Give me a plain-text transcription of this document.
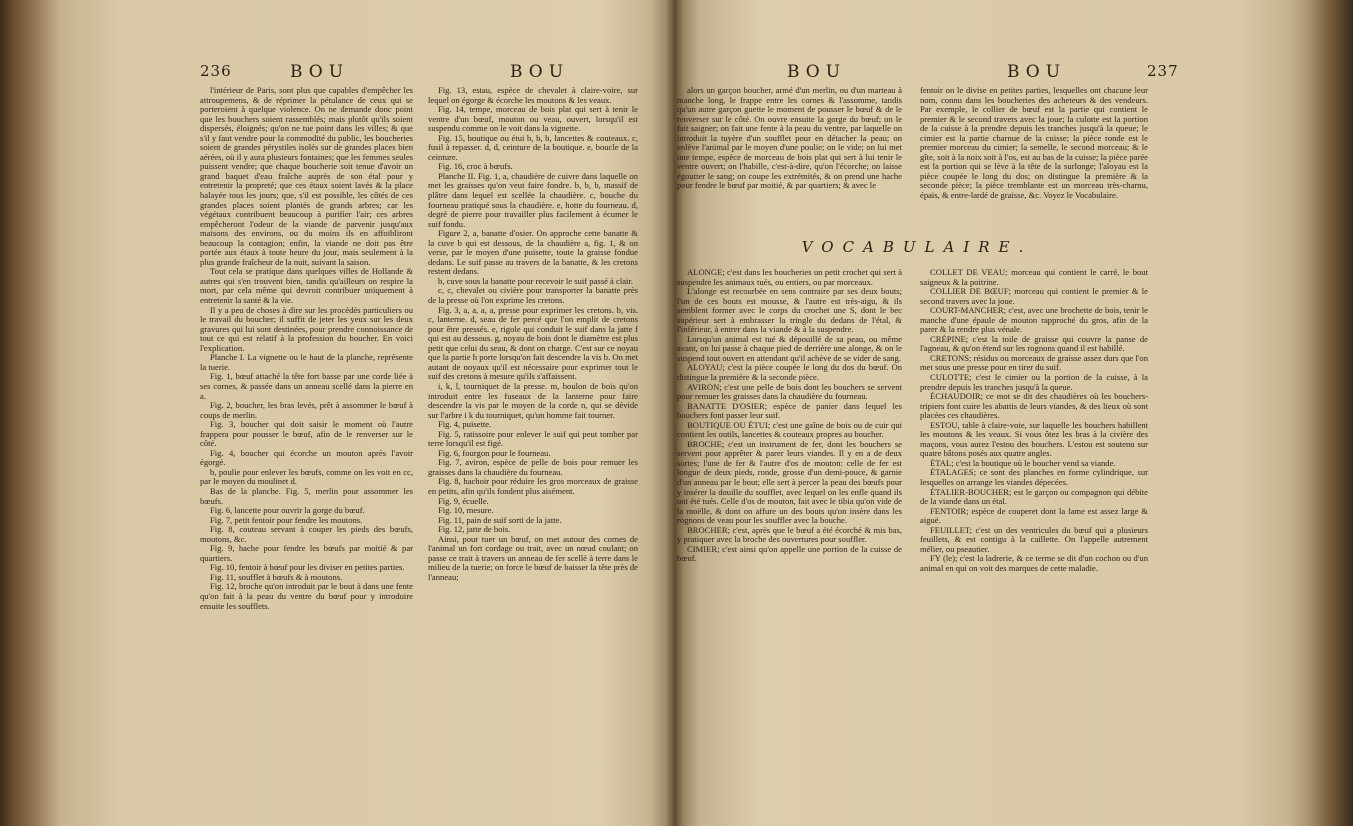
236	BOU	BOU

l'intérieur de Paris, sont plus que capables d'empêcher les attroupemens, & de réprimer la pétulance de ceux qui se porteroient à quelque violence. On ne demande donc point que les bouchers soient rassemblés; mais plutôt qu'ils soient dispersés, éloignés; qu'on ne tue point dans les villes; & que s'il y faut vendre pour la commodité du public, les boucheries soient de grandes pérystiles isolés sur de grandes places bien aérées, où il y aura plusieurs fontaines; que les femmes seules puissent vendre; que chaque boucherie soit tenue d'avoir un grand baquet d'eau fraîche auprès de son étal pour y entretenir la propreté; que ces étaux soient lavés & la place balayée tous les jours; que, s'il est possible, les côtés de ces grandes places soient plantés de grands arbres; car les végétaux contribuent beaucoup à purifier l'air; ces arbres empêcheront l'odeur de la viande de parvenir jusqu'aux maisons des environs, ou du moins ils en affoibliront beaucoup la contagion; enfin, la viande ne doit pas être portée aux étaux à toute heure du jour, mais seulement à la plus grande fraîcheur de la nuit, suivant la saison.

Tout cela se pratique dans quelques villes de Hollande & autres qui s'en trouvent bien, tandis qu'ailleurs on respire la mort, par cela même qui devroit contribuer uniquement à entretenir la santé & la vie.

Il y a peu de choses à dire sur les procédés particuliers ou le travail du boucher; il suffit de jeter les yeux sur les deux gravures qui lui sont destinées, pour prendre connoissance de tout ce qui est relatif à la profession du boucher. En voici l'explication.

Planche I. La vignette ou le haut de la planche, représente la tuerie.

Fig. 1, bœuf attaché la tête fort basse par une corde liée à ses cornes, & passée dans un anneau scellé dans la pierre en a.

Fig. 2, boucher, les bras levés, prêt à assommer le bœuf à coups de merlin.

Fig. 3, boucher qui doit saisir le moment où l'autre frappera pour pousser le bœuf, afin de le renverser sur le côté.

Fig. 4, boucher qui écorche un mouton après l'avoir égorgé.

b, poulie pour enlever les bœufs, comme on les voit en cc, par le moyen du moulinet d.

Bas de la planche. Fig. 5, merlin pour assommer les bœufs.

Fig. 6, lancette pour ouvrir la gorge du bœuf.

Fig. 7, petit fentoir pour fendre les moutons.

Fig. 8, couteau servant à couper les pieds des bœufs, moutons, &c.

Fig. 9, hache pour fendre les bœufs par moitié & par quartiers.

Fig. 10, fentoir à bœuf pour les diviser en petites parties.

Fig. 11, soufflet à bœufs & à moutons.

Fig. 12, broche qu'on introduit par le bout à dans une fente qu'on fait à la peau du ventre du bœuf pour y introduire ensuite les soufflets.

Fig. 13, estau, espèce de chevalet à claire-voire, sur lequel on égorge & écorche les moutons & les veaux.

Fig. 14, tempe, morceau de bois plat qui sert à tenir le ventre d'un bœuf, mouton ou veau, ouvert, lorsqu'il est suspendu comme on le voit dans la vignette.

Fig. 15, boutique ou étui b, b, b, lancettes & couteaux. c, fusil à repasser. d, d, ceinture de la boutique. e, boucle de la ceinture.

Fig. 16, croc à bœufs.

Planche II. Fig. 1, a, chaudière de cuivre dans laquelle on met les graisses qu'on veut faire fondre. b, b, b, massif de plâtre dans lequel est scellée la chaudière. c, bouche du fourneau pratiqué sous la chaudière. e, hotte du fourneau. d, degré de pierre pour travailler plus facilement à écumer le suif fondu.

Figure 2, a, banatte d'osier. On approche cette banatte & la cuve b qui est dessous, de la chaudière a, fig. 1, & on verse, par le moyen d'une puisette, toute la graisse fondue dedans. Le suif passe au travers de la banatte, & les cretons restent dedans.

b, cuve sous la banatte pour recevoir le suif passé à clair.

c, c, chevalet ou civière pour transporter la banatte près de la presse où l'on exprime les cretons.

Fig. 3, a, a, a, a, presse pour exprimer les cretons. b, vis. c, lanterne. d, seau de fer percé que l'on emplit de cretons pour être pressés. e, rigole qui conduit le suif dans la jatte f qui est au dessous. g, noyau de bois dont le diamètre est plus petit que celui du seau, & dont on charge. C'est sur ce noyau que la partie h porte lorsqu'on fait descendre la vis b. On met autant de noyaux qu'il est nécessaire pour exprimer tout le suif des cretons à mesure qu'ils s'affaissent.

i, k, l, tourniquet de la presse. m, boulon de bois qu'on introduit entre les fuseaux de la lanterne pour faire descendre la vis par le moyen de la corde n, qui se dévide sur l'arbre i k du tourniquet, qu'un homme fait tourner.

Fig. 4, puisette.

Fig. 5, ratissoire pour enlever le suif qui peut tomber par terre lorsqu'il est figé.

Fig. 6, fourgon pour le fourneau.

Fig. 7, aviron, espèce de pelle de bois pour remuer les graisses dans la chaudière du fourneau.

Fig. 8, hachoir pour réduire les gros morceaux de graisse en petits, afin qu'ils fondent plus aisément.

Fig. 9, écuelle.

Fig. 10, mesure.

Fig. 11, pain de suif sorti de la jatte.

Fig. 12, jatte de bois.

Ainsi, pour tuer un bœuf, on met autour des cornes de l'animal un fort cordage ou trait, avec un nœud coulant; on passe ce trait à travers un anneau de fer scellé à terre dans le milieu de la tuerie; on force le bœuf de baisser la tête près de l'anneau;

BOU	BOU	237

alors un garçon boucher, armé d'un merlin, ou d'un marteau à manche long, le frappe entre les cornes & l'assomme, tandis qu'un autre garçon guette le moment de pousser le bœuf & de le renverser sur le côté. On ouvre ensuite la gorge du bœuf; on le fait saigner; on fait une fente à la peau du ventre, par laquelle on introduit la tuyère d'un soufflet pour en détacher la peau; on enlève l'animal par le moyen d'une poulie; on le vide; on lui met une tempe, espèce de morceau de bois plat qui sert à lui tenir le ventre ouvert; on l'habille, c'est-à-dire, qu'on l'écorche; on laisse égoutter le sang; on coupe les extrémités, & on prend une hache pour fendre le bœuf par moitié, & par quartiers; & avec le

fentoir on le divise en petites parties, lesquelles ont chacune leur nom, connu dans les boucheries des acheteurs & des vendeurs. Par exemple, le collier de bœuf est la partie qui contient le premier & le second travers avec la joue; la culotte est la portion de la cuisse à la prendre depuis les tranches jusqu'à la queue; le cimier est la partie charnue de la cuisse; la pièce ronde est le premier morceau du cimier; la semelle, le second morceau; & le gîte, soit à la noix soit à l'os, est au bas de la cuisse; la pièce parée est la portion qui se lève à la tête de la surlonge; l'aloyau est la pièce coupée le long du dos; on distingue la première & la seconde pièce; la pièce tremblante est un morceau très-charnu, épais, & entre-lardé de graisse, &c. Voyez le Vocabulaire.

VOCABULAIRE.

ALONGE; c'est dans les boucheries un petit crochet qui sert à suspendre les animaux tués, ou entiers, ou par morceaux.

L'alonge est recourbée en sens contraire par ses deux bouts; l'un de ces bouts est mousse, & l'autre est très-aigu, & ils semblent former avec le corps du crochet une S, dont le bec supérieur sert à embrasser la tringle du dedans de l'étal, & l'inférieur, à entrer dans la viande & à la suspendre.

Lorsqu'un animal est tué & dépouillé de sa peau, ou même avant, on lui passe à chaque pied de derrière une alonge, & on le suspend tout ouvert en attendant qu'il achève de se vider de sang.

ALOYAU; c'est la pièce coupée le long du dos du bœuf. On distingue la première & la seconde pièce.

AVIRON; c'est une pelle de bois dont les bouchers se servent pour remuer les graisses dans la chaudière du fourneau.

BANATTE D'OSIER; espèce de panier dans lequel les bouchers font passer leur suif.

BOUTIQUE OU ÉTUI; c'est une gaîne de bois ou de cuir qui contient les outils, lancettes & couteaux propres au boucher.

BROCHE; c'est un instrument de fer, dont les bouchers se servent pour apprêter & parer leurs viandes. Il y en a de deux sortes; l'une de fer & l'autre d'os de mouton: celle de fer est longue de deux pieds, ronde, grosse d'un demi-pouce, & garnie d'un anneau par le bout; elle sert à percer la peau des bœufs pour y insérer la douille du soufflet, avec lequel on les enfle quand ils ont été tués. Celle d'os de mouton, fait avec le tibia qu'on vide de la moëlle, & dont on affure un des bouts qu'on insère dans les rognons de veau pour les souffler avec la bouche.

BROCHER; c'est, après que le bœuf a été écorché & mis bas, y pratiquer avec la broche des ouvertures pour souffler.

CIMIER; c'est ainsi qu'on appelle une portion de la cuisse de bœuf.

COLLET DE VEAU; morceau qui contient le carré, le bout saigneux & la poitrine.

COLLIER DE BŒUF; morceau qui contient le premier & le second travers avec la joue.

COURT-MANCHER; c'est, avec une brochette de bois, tenir le manche d'une épaule de mouton rapproché du gros, afin de la parer & la rendre plus vénale.

CRÉPINE; c'est la toile de graisse qui couvre la panse de l'agneau, & qu'on étend sur les rognons quand il est habillé.

CRETONS; résidus ou morceaux de graisse assez durs que l'on met sous une presse pour en tirer du suif.

CULOTTE; c'est le cimier ou la portion de la cuisse, à la prendre depuis les tranches jusqu'à la queue.

ÉCHAUDOIR; ce mot se dit des chaudières où les bouchers-tripiers font cuire les abattis de leurs viandes, & des lieux où sont placées ces chaudières.

ESTOU, table à claire-voie, sur laquelle les bouchers habillent les moutons & les veaux. Si vous ôtez les bras à la civière des maçons, vous aurez l'estou des bouchers. L'estou est soutenu sur quatre bâtons posés aux quatre angles.

ÉTAL; c'est la boutique où le boucher vend sa viande.

ÉTALAGES; ce sont des planches en forme cylindrique, sur lesquelles on arrange les viandes dépecées.

ÉTALIER-BOUCHER; est le garçon ou compagnon qui débite de la viande dans un étal.

FENTOIR; espèce de couperet dont la lame est assez large & aiguë.

FEUILLET; c'est un des ventricules du bœuf qui a plusieurs feuillets, & est contigu à la caillette. On l'appelle autrement mélier, ou pseautier.

FY (le); c'est la ladrerie, & ce terme se dit d'un cochon ou d'un animal en qui on voit des marques de cette maladie.
